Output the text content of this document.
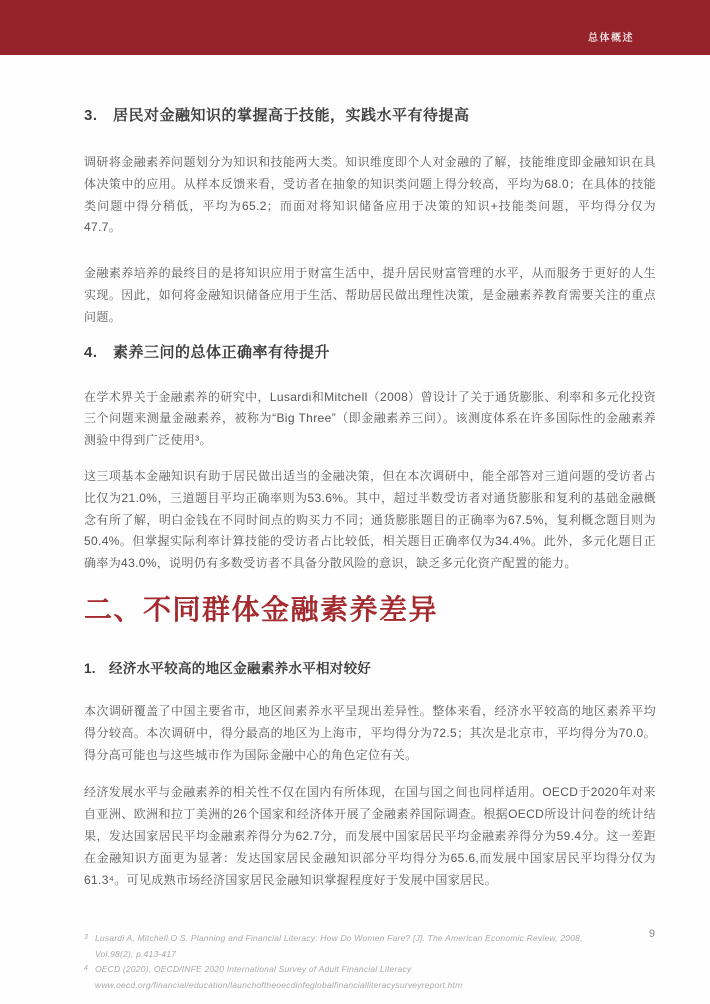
总体概述
3.	居民对金融知识的掌握高于技能，实践水平有待提高

调研将金融素养问题划分为知识和技能两大类。知识维度即个人对金融的了解，技能维度即金融知识在具体决策中的应用。从样本反馈来看，受访者在抽象的知识类问题上得分较高，平均为68.0；在具体的技能类问题中得分稍低，平均为65.2；而面对将知识储备应用于决策的知识+技能类问题，平均得分仅为47.7。

金融素养培养的最终目的是将知识应用于财富生活中，提升居民财富管理的水平，从而服务于更好的人生实现。因此，如何将金融知识储备应用于生活、帮助居民做出理性决策，是金融素养教育需要关注的重点问题。

4.	素养三问的总体正确率有待提升

在学术界关于金融素养的研究中，Lusardi和Mitchell（2008）曾设计了关于通货膨胀、利率和多元化投资三个问题来测量金融素养，被称为“Big Three”（即金融素养三问）。该测度体系在许多国际性的金融素养测验中得到广泛使用³。

这三项基本金融知识有助于居民做出适当的金融决策，但在本次调研中，能全部答对三道问题的受访者占比仅为21.0%，三道题目平均正确率则为53.6%。其中，超过半数受访者对通货膨胀和复利的基础金融概念有所了解，明白金钱在不同时间点的购买力不同；通货膨胀题目的正确率为67.5%，复利概念题目则为50.4%。但掌握实际利率计算技能的受访者占比较低，相关题目正确率仅为34.4%。此外，多元化题目正确率为43.0%，说明仍有多数受访者不具备分散风险的意识，缺乏多元化资产配置的能力。

二、不同群体金融素养差异
1. 经济水平较高的地区金融素养水平相对较好

本次调研覆盖了中国主要省市，地区间素养水平呈现出差异性。整体来看，经济水平较高的地区素养平均得分较高。本次调研中，得分最高的地区为上海市，平均得分为72.5；其次是北京市，平均得分为70.0。得分高可能也与这些城市作为国际金融中心的角色定位有关。

经济发展水平与金融素养的相关性不仅在国内有所体现，在国与国之间也同样适用。OECD于2020年对来自亚洲、欧洲和拉丁美洲的26个国家和经济体开展了金融素养国际调查。根据OECD所设计问卷的统计结果，发达国家居民平均金融素养得分为62.7分，而发展中国家居民平均金融素养得分为59.4分。这一差距在金融知识方面更为显著：发达国家居民金融知识部分平均得分为65.6,而发展中国家居民平均得分仅为61.3⁴。可见成熟市场经济国家居民金融知识掌握程度好于发展中国家居民。

3 Lusardi A, Mitchell O S. Planning and Financial Literacy: How Do Women Fare? [J]. The American Economic Review, 2008, Vol.98(2), p.413-417
4 OECD (2020), OECD/INFE 2020 International Survey of Adult Financial Literacy
www.oecd.org/financial/education/launchoftheoecdinfeglobalfinancialliteracysurveyreport.htm
9
